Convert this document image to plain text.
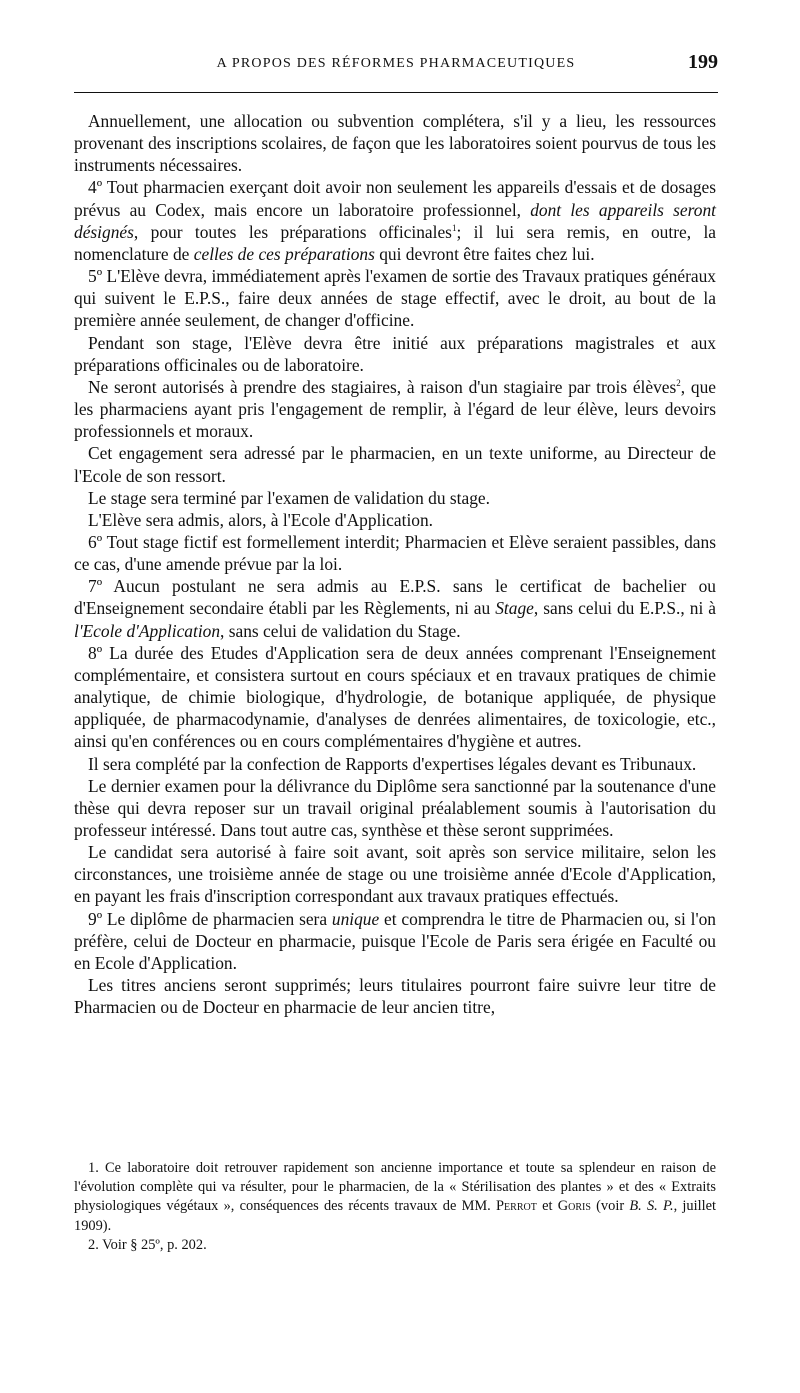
A PROPOS DES RÉFORMES PHARMACEUTIQUES	199

Annuellement, une allocation ou subvention complétera, s'il y a lieu, les ressources provenant des inscriptions scolaires, de façon que les laboratoires soient pourvus de tous les instruments nécessaires.

4º Tout pharmacien exerçant doit avoir non seulement les appareils d'essais et de dosages prévus au Codex, mais encore un laboratoire professionnel, dont les appareils seront désignés, pour toutes les préparations officinales$^1$; il lui sera remis, en outre, la nomenclature de celles de ces préparations qui devront être faites chez lui.

5º L'Elève devra, immédiatement après l'examen de sortie des Travaux pratiques généraux qui suivent le E.P.S., faire deux années de stage effectif, avec le droit, au bout de la première année seulement, de changer d'officine.

Pendant son stage, l'Elève devra être initié aux préparations magistrales et aux préparations officinales ou de laboratoire.

Ne seront autorisés à prendre des stagiaires, à raison d'un stagiaire par trois élèves$^2$, que les pharmaciens ayant pris l'engagement de remplir, à l'égard de leur élève, leurs devoirs professionnels et moraux.

Cet engagement sera adressé par le pharmacien, en un texte uniforme, au Directeur de l'Ecole de son ressort.

Le stage sera terminé par l'examen de validation du stage.

L'Elève sera admis, alors, à l'Ecole d'Application.

6º Tout stage fictif est formellement interdit; Pharmacien et Elève seraient passibles, dans ce cas, d'une amende prévue par la loi.

7º Aucun postulant ne sera admis au E.P.S. sans le certificat de bachelier ou d'Enseignement secondaire établi par les Règlements, ni au Stage, sans celui du E.P.S., ni à l'Ecole d'Application, sans celui de validation du Stage.

8º La durée des Etudes d'Application sera de deux années comprenant l'Enseignement complémentaire, et consistera surtout en cours spéciaux et en travaux pratiques de chimie analytique, de chimie biologique, d'hydrologie, de botanique appliquée, de physique appliquée, de pharmacodynamie, d'analyses de denrées alimentaires, de toxicologie, etc., ainsi qu'en conférences ou en cours complémentaires d'hygiène et autres.

Il sera complété par la confection de Rapports d'expertises légales devant es Tribunaux.

Le dernier examen pour la délivrance du Diplôme sera sanctionné par la soutenance d'une thèse qui devra reposer sur un travail original préalablement soumis à l'autorisation du professeur intéressé. Dans tout autre cas, synthèse et thèse seront supprimées.

Le candidat sera autorisé à faire soit avant, soit après son service militaire, selon les circonstances, une troisième année de stage ou une troisième année d'Ecole d'Application, en payant les frais d'inscription correspondant aux travaux pratiques effectués.

9º Le diplôme de pharmacien sera unique et comprendra le titre de Pharmacien ou, si l'on préfère, celui de Docteur en pharmacie, puisque l'Ecole de Paris sera érigée en Faculté ou en Ecole d'Application.

Les titres anciens seront supprimés; leurs titulaires pourront faire suivre leur titre de Pharmacien ou de Docteur en pharmacie de leur ancien titre,

1. Ce laboratoire doit retrouver rapidement son ancienne importance et toute sa splendeur en raison de l'évolution complète qui va résulter, pour le pharmacien, de la « Stérilisation des plantes » et des « Extraits physiologiques végétaux », conséquences des récents travaux de MM. Perrot et Goris (voir B. S. P., juillet 1909).

2. Voir § 25º, p. 202.
